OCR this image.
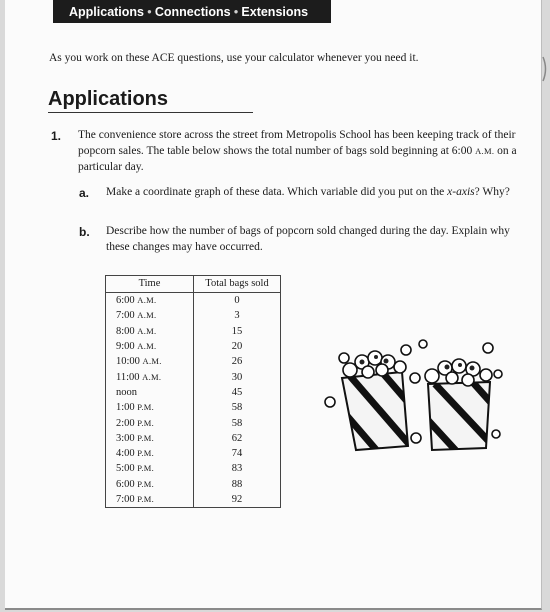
Applications ● Connections ● Extensions
As you work on these ACE questions, use your calculator whenever you need it.
Applications
1. The convenience store across the street from Metropolis School has been keeping track of their popcorn sales. The table below shows the total number of bags sold beginning at 6:00 A.M. on a particular day.
a. Make a coordinate graph of these data. Which variable did you put on the x-axis? Why?
b. Describe how the number of bags of popcorn sold changed during the day. Explain why these changes may have occurred.
Time	Total bags sold
6:00 A.M.	0
7:00 A.M.	3
8:00 A.M.	15
9:00 A.M.	20
10:00 A.M.	26
11:00 A.M.	30
noon	45
1:00 P.M.	58
2:00 P.M.	58
3:00 P.M.	62
4:00 P.M.	74
5:00 P.M.	83
6:00 P.M.	88
7:00 P.M.	92
